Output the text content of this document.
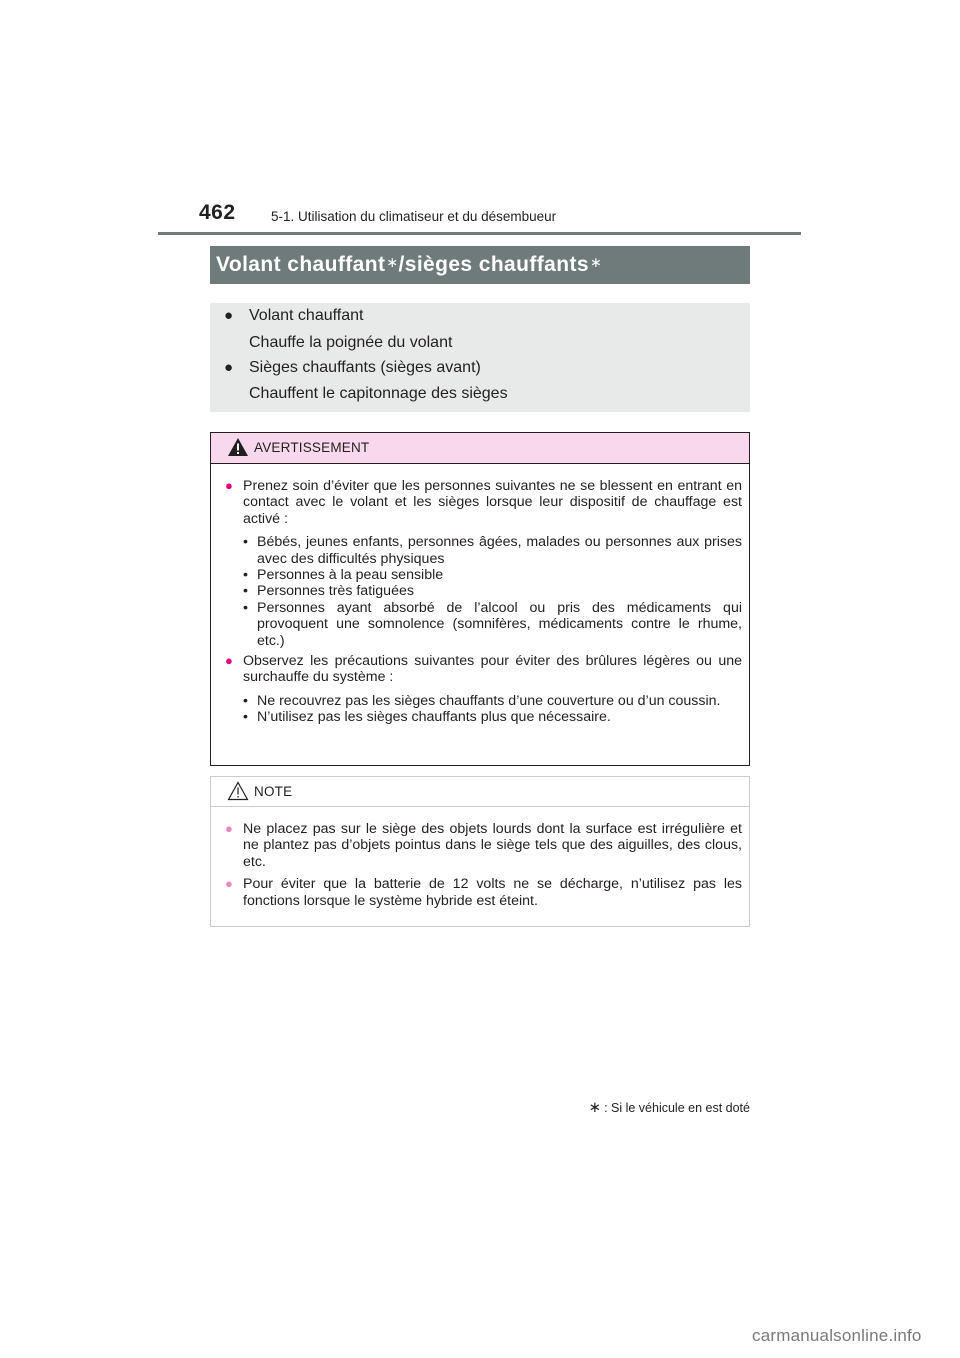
462	5-1. Utilisation du climatiseur et du désembueur
Volant chauffant∗ /sièges chauffants∗
● Volant chauffant
Chauffe la poignée du volant
● Sièges chauffants (sièges avant)
Chauffent le capitonnage des sièges
AVERTISSEMENT
● Prenez soin d’éviter que les personnes suivantes ne se blessent en entrant en contact avec le volant et les sièges lorsque leur dispositif de chauffage est activé :
• Bébés, jeunes enfants, personnes âgées, malades ou personnes aux prises avec des difficultés physiques
• Personnes à la peau sensible
• Personnes très fatiguées
• Personnes ayant absorbé de l’alcool ou pris des médicaments qui provoquent une somnolence (somnifères, médicaments contre le rhume, etc.)
● Observez les précautions suivantes pour éviter des brûlures légères ou une surchauffe du système :
• Ne recouvrez pas les sièges chauffants d’une couverture ou d’un coussin.
• N’utilisez pas les sièges chauffants plus que nécessaire.
NOTE
● Ne placez pas sur le siège des objets lourds dont la surface est irrégulière et ne plantez pas d’objets pointus dans le siège tels que des aiguilles, des clous, etc.
● Pour éviter que la batterie de 12 volts ne se décharge, n’utilisez pas les fonctions lorsque le système hybride est éteint.
∗ : Si le véhicule en est doté
carmanualsonline.info
